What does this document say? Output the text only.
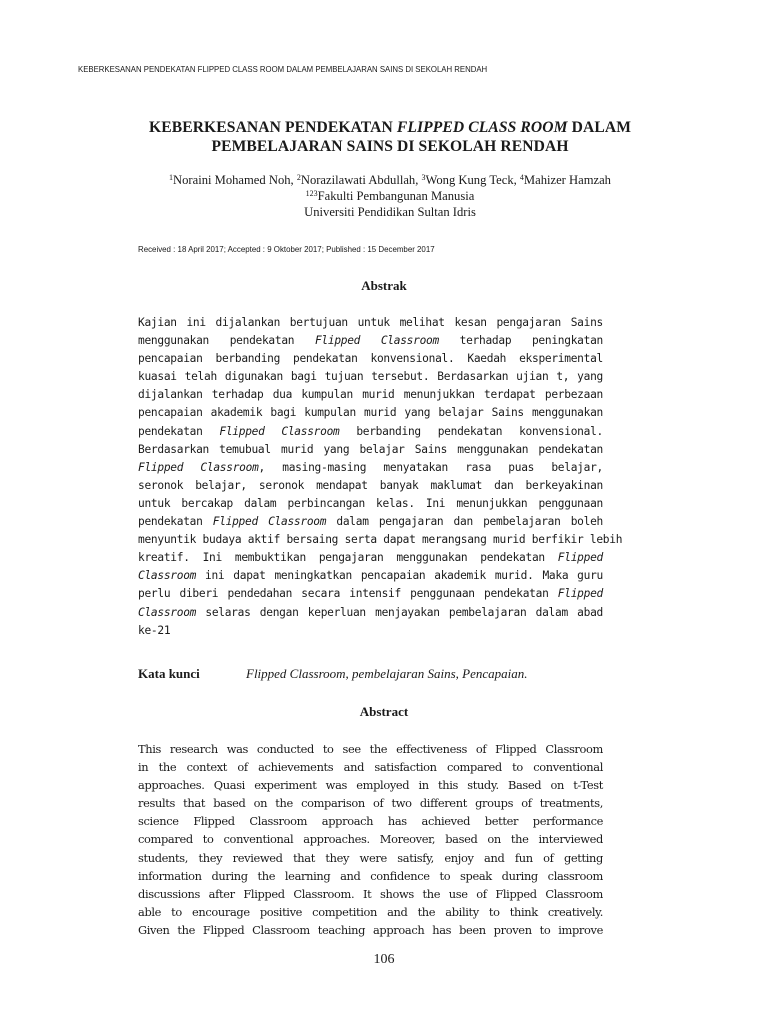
KEBERKESANAN PENDEKATAN FLIPPED CLASS ROOM DALAM PEMBELAJARAN SAINS DI SEKOLAH RENDAH
KEBERKESANAN PENDEKATAN FLIPPED CLASS ROOM DALAM
PEMBELAJARAN SAINS DI SEKOLAH RENDAH
$^1$Noraini Mohamed Noh, $^2$Norazilawati Abdullah, $^3$Wong Kung Teck, $^4$Mahizer Hamzah
$^{123}$Fakulti Pembangunan Manusia
Universiti Pendidikan Sultan Idris
Received : 18 April 2017; Accepted : 9 Oktober 2017; Published : 15 December 2017
Abstrak
Kajian ini dijalankan bertujuan untuk melihat kesan pengajaran Sains
menggunakan pendekatan Flipped Classroom terhadap peningkatan
pencapaian berbanding pendekatan konvensional. Kaedah eksperimental
kuasai telah digunakan bagi tujuan tersebut. Berdasarkan ujian t, yang
dijalankan terhadap dua kumpulan murid menunjukkan terdapat perbezaan
pencapaian akademik bagi kumpulan murid yang belajar Sains menggunakan
pendekatan Flipped Classroom berbanding pendekatan konvensional.
Berdasarkan temubual murid yang belajar Sains menggunakan pendekatan
Flipped Classroom, masing-masing menyatakan rasa puas belajar,
seronok belajar, seronok mendapat banyak maklumat dan berkeyakinan
untuk bercakap dalam perbincangan kelas. Ini menunjukkan penggunaan
pendekatan Flipped Classroom dalam pengajaran dan pembelajaran boleh
menyuntik budaya aktif bersaing serta dapat merangsang murid berfikir lebih
kreatif. Ini membuktikan pengajaran menggunakan pendekatan Flipped
Classroom ini dapat meningkatkan pencapaian akademik murid. Maka guru
perlu diberi pendedahan secara intensif penggunaan pendekatan Flipped
Classroom selaras dengan keperluan menjayakan pembelajaran dalam abad
ke-21
Kata kunci	Flipped Classroom, pembelajaran Sains, Pencapaian.
Abstract
This research was conducted to see the effectiveness of Flipped Classroom
in the context of achievements and satisfaction compared to conventional
approaches. Quasi experiment was employed in this study. Based on t-Test
results that based on the comparison of two different groups of treatments,
science Flipped Classroom approach has achieved better performance
compared to conventional approaches. Moreover, based on the interviewed
students, they reviewed that they were satisfy, enjoy and fun of getting
information during the learning and confidence to speak during classroom
discussions after Flipped Classroom. It shows the use of Flipped Classroom
able to encourage positive competition and the ability to think creatively.
Given the Flipped Classroom teaching approach has been proven to improve
106
